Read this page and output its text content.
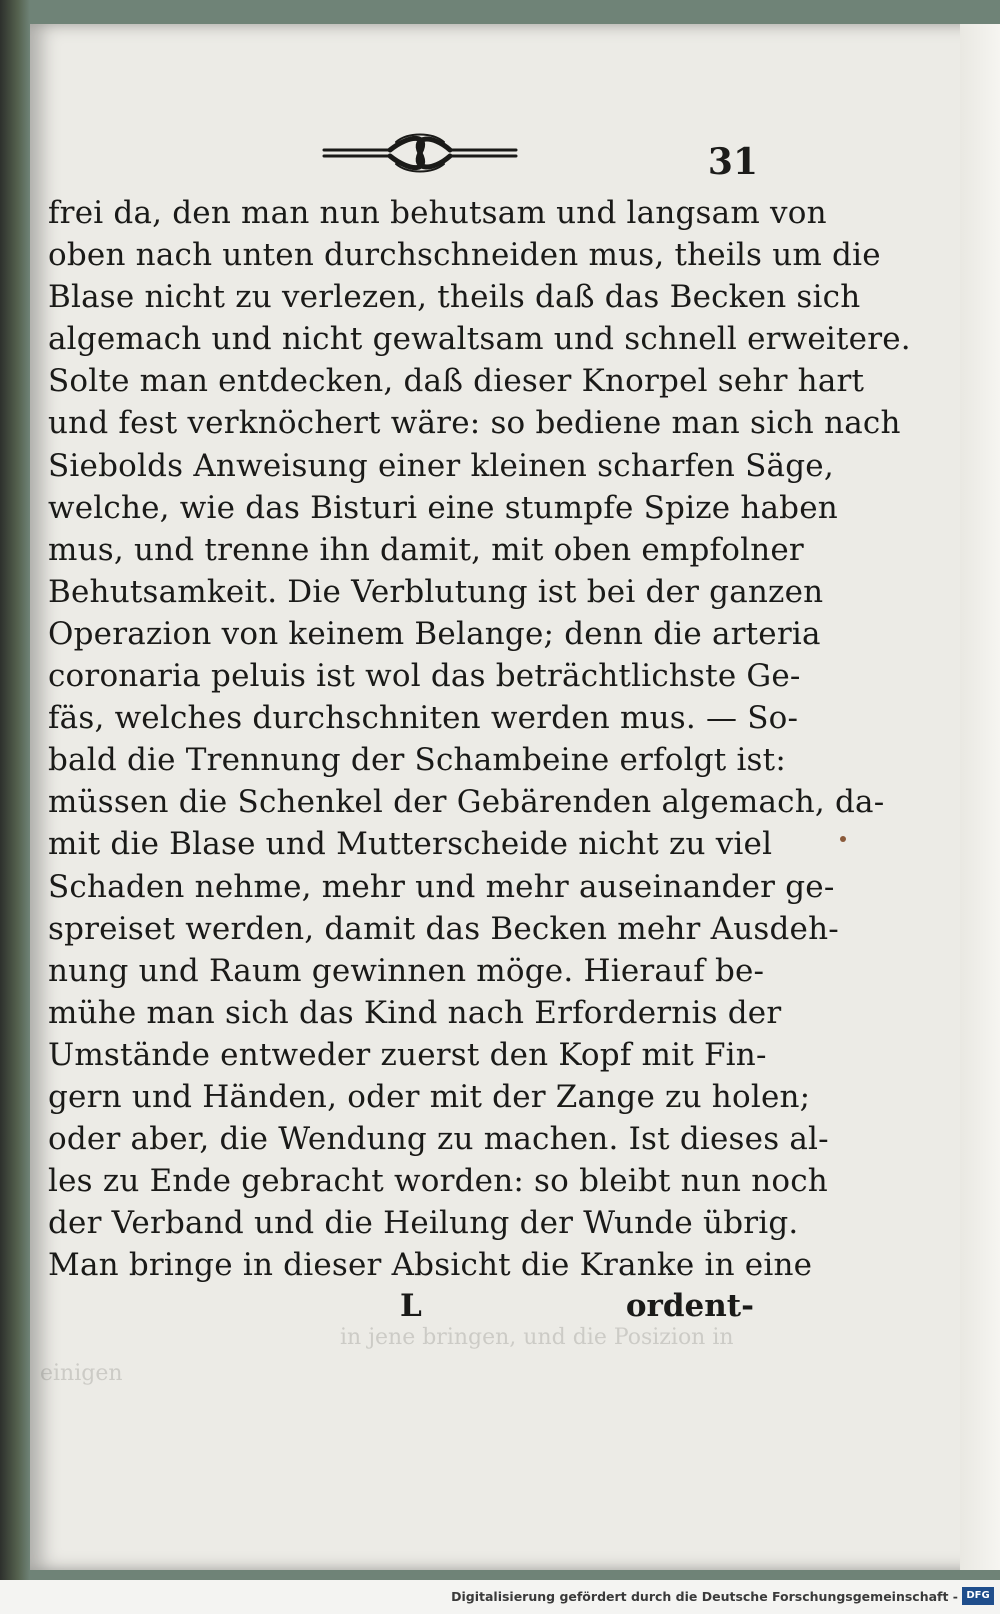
31
frei da, den man nun behutsam und langsam von
oben nach unten durchschneiden mus, theils um die
Blase nicht zu verlezen, theils daß das Becken sich
algemach und nicht gewaltsam und schnell erweitere.
Solte man entdecken, daß dieser Knorpel sehr hart
und fest verknöchert wäre: so bediene man sich nach
Siebolds Anweisung einer kleinen scharfen Säge,
welche, wie das Bisturi eine stumpfe Spize haben
mus, und trenne ihn damit, mit oben empfolner
Behutsamkeit. Die Verblutung ist bei der ganzen
Operazion von keinem Belange; denn die arteria
coronaria peluis ist wol das beträchtlichste Ge-
fäs, welches durchschniten werden mus. — So-
bald die Trennung der Schambeine erfolgt ist:
müssen die Schenkel der Gebärenden algemach, da-
mit die Blase und Mutterscheide nicht zu viel
Schaden nehme, mehr und mehr auseinander ge-
spreiset werden, damit das Becken mehr Ausdeh-
nung und Raum gewinnen möge. Hierauf be-
mühe man sich das Kind nach Erfordernis der
Umstände entweder zuerst den Kopf mit Fin-
gern und Händen, oder mit der Zange zu holen;
oder aber, die Wendung zu machen. Ist dieses al-
les zu Ende gebracht worden: so bleibt nun noch
der Verband und die Heilung der Wunde übrig.
Man bringe in dieser Absicht die Kranke in eine
L	ordent-
in jene bringen, und die Posizion in
einigen
Digitalisierung gefördert durch die Deutsche Forschungsgemeinschaft - DFG
